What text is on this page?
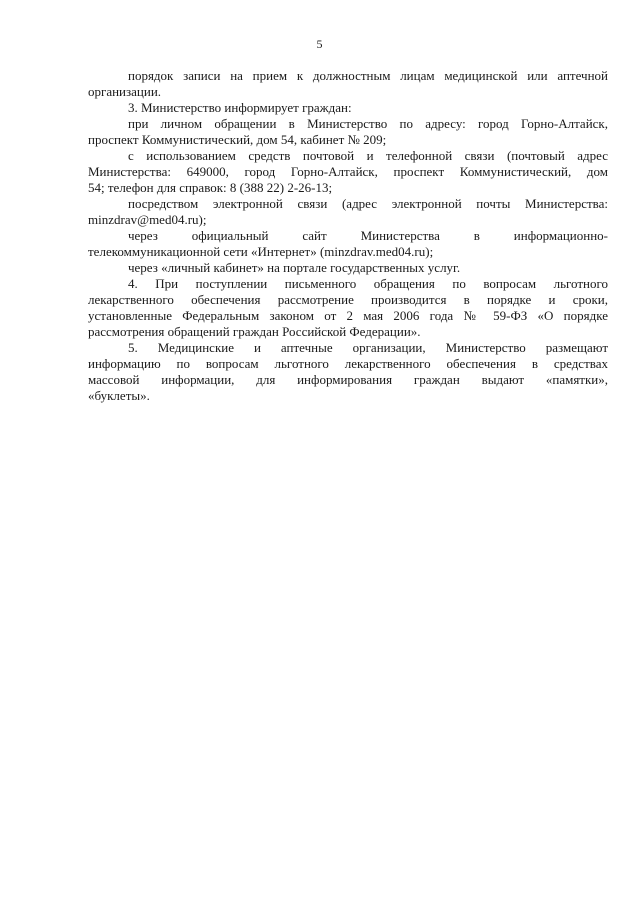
5
порядок записи на прием к должностным лицам медицинской или аптечной
организации.
3. Министерство информирует граждан:
при личном обращении в Министерство по адресу: город Горно-Алтайск,
проспект Коммунистический, дом 54, кабинет № 209;
с использованием средств почтовой и телефонной связи (почтовый адрес
Министерства: 649000, город Горно-Алтайск, проспект Коммунистический, дом
54; телефон для справок: 8 (388 22) 2-26-13;
посредством электронной связи (адрес электронной почты Министерства:
minzdrav@med04.ru);
через официальный сайт Министерства в информационно-
телекоммуникационной сети «Интернет» (minzdrav.med04.ru);
через «личный кабинет» на портале государственных услуг.
4. При поступлении письменного обращения по вопросам льготного
лекарственного обеспечения рассмотрение производится в порядке и сроки,
установленные Федеральным законом от 2 мая 2006 года № 59-ФЗ «О порядке
рассмотрения обращений граждан Российской Федерации».
5. Медицинские и аптечные организации, Министерство размещают
информацию по вопросам льготного лекарственного обеспечения в средствах
массовой информации, для информирования граждан выдают «памятки»,
«буклеты».
